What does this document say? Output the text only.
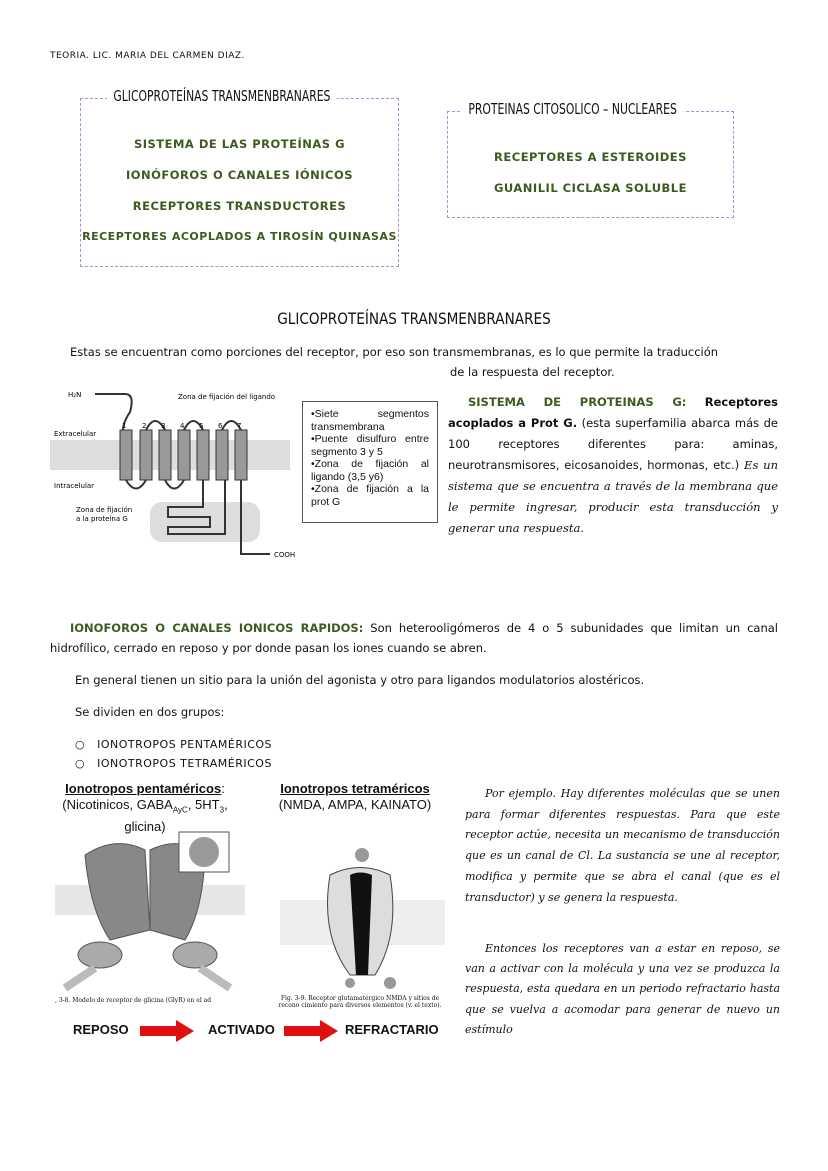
TEORIA. LIC. MARIA DEL CARMEN DIAZ.
GLICOPROTEÍNAS TRANSMENBRANARES
SISTEMA DE LAS PROTEÍNAS G
IONÓFOROS O CANALES IÓNICOS
RECEPTORES TRANSDUCTORES
RECEPTORES ACOPLADOS A TIROSÍN QUINASAS
PROTEINAS CITOSOLICO – NUCLEARES
RECEPTORES A ESTEROIDES
GUANILIL CICLASA SOLUBLE
GLICOPROTEÍNAS TRANSMENBRANARES
Estas se encuentran como porciones del receptor, por eso son transmembranas, es lo que permite la traducción
de la respuesta del receptor.
H₂N	Zona de fijación del ligando
Extracelular
Intracelular
Zona de fijación
a la proteína G
COOH
1 2 3 4 5 6 7
•Siete segmentos transmembrana
•Puente disulfuro entre segmento 3 y 5
•Zona de fijación al ligando (3,5 y6)
•Zona de fijación a la prot G
SISTEMA DE PROTEINAS G: Receptores acoplados a Prot G. (esta superfamilia abarca más de 100 receptores diferentes para: aminas, neurotransmisores, eicosanoides, hormonas, etc.) Es un sistema que se encuentra a través de la membrana que le permite ingresar, producir esta transducción y generar una respuesta.
IONOFOROS O CANALES IONICOS RAPIDOS: Son heterooligómeros de 4 o 5 subunidades que limitan un canal hidrofílico, cerrado en reposo y por donde pasan los iones cuando se abren.
En general tienen un sitio para la unión del agonista y otro para ligandos modulatorios alostéricos.
Se dividen en dos grupos:
○   IONOTROPOS PENTAMÉRICOS
○   IONOTROPOS TETRAMÉRICOS
Ionotropos pentaméricos:
(Nicotinicos, $GABA_{AyC}$, $5HT_3$,
glicina)
, 3-8. Modelo de receptor de glicina (GlyR) en el ad
Ionotropos tetraméricos
(NMDA, AMPA, KAINATO)
Fig. 3-9. Receptor glutamatérgico NMDA y sitios de recono cimiento para diversos elementos (v. el texto).
REPOSO	ACTIVADO	REFRACTARIO
Por ejemplo. Hay diferentes moléculas que se unen para formar diferentes respuestas. Para que este receptor actúe, necesita un mecanismo de transducción que es un canal de Cl. La sustancia se une al receptor, modifica y permite que se abra el canal (que es el transductor) y se genera la respuesta.
Entonces los receptores van a estar en reposo, se van a activar con la molécula y una vez se produzca la respuesta, esta quedara en un periodo refractario hasta que se vuelva a acomodar para generar de nuevo un estímulo
